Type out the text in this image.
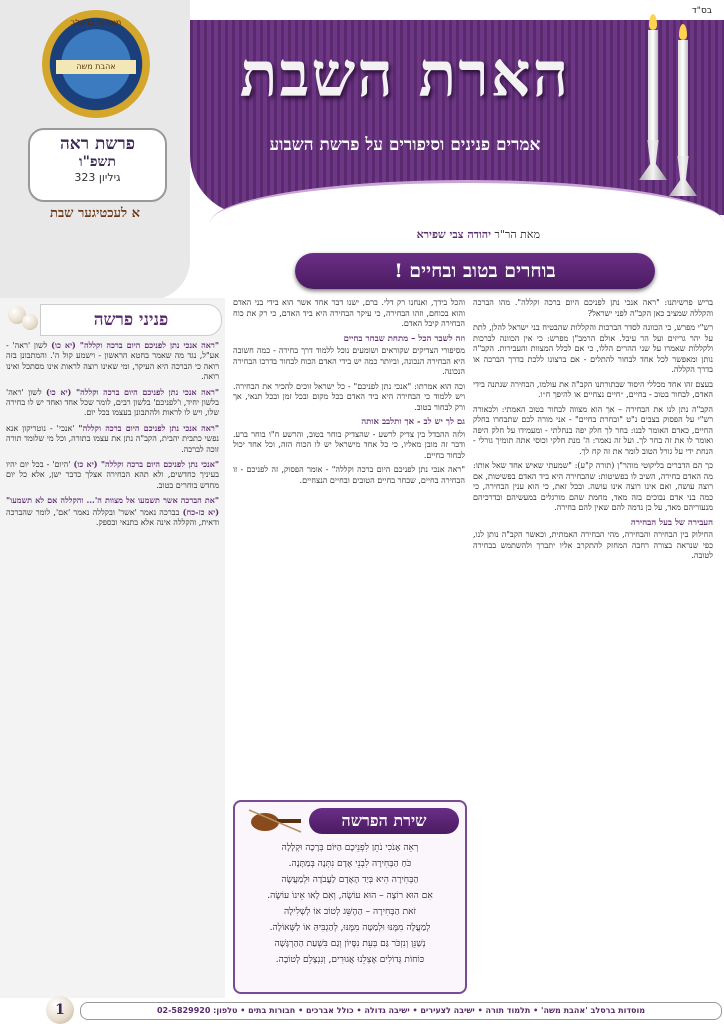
בס"ד
הארת השבת
אמרים פנינים וסיפורים על פרשת השבוע
מוסדות ברסלב
אהבת משה
פרשת ראה
תשפ"ו
גיליון 323
א לעכטיגער שבת
מאת הר"ר יהודה צבי שפירא
בוחרים בטוב ובחיים !

בריש פרשיתנו: "ראה אנכי נתן לפניכם היום ברכה וקללה". מהו הברכה והקללה שמציב כאן הקב"ה לפני ישראל?

רש"י מפרש, כי הכוונה לסדר הברכות והקללות שהבטיח בני ישראל להלן, לתת על יהר גריזים ועל הר עיבל. אולם הרמב"ן מפרש: כי אין הכוונה לברכות ולקללות שאמרו על שני ההרים הללו, כי אם לכלל המצוות והעבירות. הקב"ה נותן ומאפשר לכל אחד לבחור להתלים - אם ברצונו ללכת בדרך הברכה או בדרך הקללה.

בעצם זהו אחד מכללי היסוד שבתורתנו הקב"ה את עולמו, הבחירה שנתנה בידי האדם, לבחור בטוב - בחיים, ״חיים נצחיים או להיפך ח״ו.

הקב"ה נתן לנו את הבחירה – אך הוא מצווה לבחור בטוב האמתי: ולכאורה רש"י על הפסוק בצבים נ"ט "ובחרת בחיים" - אני מורה לכם שתבחרו בחלק החיים, כאדם האומר לבנו: בחר לך חלק יפה בנחלתי - ומעמידו על חלק היפה ואומר לו את זה בחר לך. ועל זה נאמר: ה' מנת חלקי וכוסי אתה תומיך גורלי - הנחת ידי על גורל הטוב לומר את זה קח לך.

כך הם הדברים בליקוטי מוהר"ן (תורה ק"ע): "שמעתי שאיש אחד שאל אותו: מה האדם בחירה, השיב לו בפשיטות: שהבחירה היא ביד האדם בפשיטות, אם רוצה עושה, ואם אינו רוצה אינו עושה. ובכל זאת, כי הוא ענין הבחירה, כי כמה בני אדם נבוכים בזה מאד, מחמת שהם מורגלים במעשיהם ובדרכיהם מנעוריהם מאד, על כן נדמה להם שאין להם בחירה.

העבירה של בעל הבחירה

החילוק בין הבחירה והבחירה, מהי הבחירה האמתית, וכאשר הקב"ה נותן לנו, כפי שנראה בצורה רחבה המחזק להתקרב אליו יתברך ולהשתמש בבחירה לטובה.

והכל בידך, ואנחנו רק דלי. ברם, ישנו דבר אחד אשר הוא בידי בני האדם והוא בכוחם, וזהו הבחירה, כי עיקר הבחירה היא ביד האדם, כי רק את כוח הבחירה קיבל האדם.

וזה לשבר הכל – מתחת שבחר בחיים

מסיפורי הצדיקים שקוראים ושומעים נוכל ללמוד דרך בחירה - כמה חשובה היא הבחירה הנכונה, וביותר כמה יש בידי האדם הכוח לבחור בדרכו הבחירה הנכונה.

וכה הוא אמרתו: "אנכי נתן לפניכם" - כל ישראל זוכים להכיר את הבחירה. ויש ללמוד כי הבחירה היא ביד האדם בכל מקום ובכל זמן ובכל תנאי, אך ורק לבחור בטוב.

גם לך יש לב - אך ותלבב אותה

ולזה ההבדל בין צדיק לרשע - שהצדיק בוחר בטוב, והרשע ח"ו בוחר ברע. ודבר זה מובן מאליו, כי כל אחד מישראל יש לו הכוח הזה, וכל אחד יכול לבחור בחיים.

"ראה אנכי נתן לפניכם היום ברכה וקללה" - אומר הפסוק, זה לפניכם - זו הבחירה בחיים, שבחר בחיים הטובים ובחיים הנצחיים.

פניני פרשה

"ראה אנכי נתן לפניכם היום ברכה וקללה" (יא כו) לשון 'ראה' - אע"ל, נגד מה שאמר בחטא הראשון - וישמע קול ה'. והמתבונן בזה רואה כי הברכה היא העיקר, ומי שאינו רוצה לראות אינו מסתכל ואינו רואה.

"ראה אנכי נתן לפניכם היום ברכה וקללה" (יא כו) לשון 'ראה' בלשון יחיד, ו'לפניכם' בלשון רבים, לומר שכל אחד ואחד יש לו בחירה שלו, ויש לו לראות ולהתבונן בעצמו בכל יום.

"ראה אנכי נתן לפניכם היום ברכה וקללה" 'אנכי' - נוטריקון אנא נפשי כתבית יהבית, הקב"ה נתן את עצמו בתורה, וכל מי שלומד תורה זוכה לברכה.

"אנכי נתן לפניכם היום ברכה וקללה" (יא כו) 'היום' - בכל יום יהיו בעיניך כחדשים, ולא תהא הבחירה אצלך כדבר ישן, אלא כל יום מחדש בוחרים בטוב.

"את הברכה אשר תשמעו אל מצוות ה'... והקללה אם לא תשמעו" (יא כז-כח) בברכה נאמר 'אשר' ובקללה נאמר 'אם', לומר שהברכה ודאית, והקללה אינה אלא בתנאי ובספק.

שירת הפרשה

רְאֵה אָנֹכִי נֹתֵן לִפְנֵיכֶם הַיּוֹם בְּרָכָה וּקְלָלָה

כֹּחַ הַבְּחִירָה לִבְנֵי אָדָם נִתְּנָה בְּמַתָּנָה.

הַבְּחִירָה הִיא בְּיַד הָאָדָם לַעֲבֹדָה וּלְמַעֲשֶׂה

אִם הוּא רוֹצֶה – הוּא עוֹשֶׂה, וְאִם לָאו אֵינוֹ עוֹשֶׂה.

זֹאת הַבְּחִירָה – הַהֶשֵּׁג לְטוֹב אוֹ לְשְׁלִילָה

לְמַעֲלָה מִמֶּנּוּ וּלְמַטָּה מִמֶּנּוּ, לְהַגְבִּיהַּ אוֹ לַשְּׁאוֹלָה.

נְשַׁנֵּן וְנִזְכֹּר גַּם בְּעֵת נִסָּיוֹן וְגַם בִּשְׁעַת הַהַרְגָּשָׁה

כּוֹחוֹת גְּדוֹלִים אֶצְלֵנוּ אֲגוּרִים, וְנִנְצָלֵם לְטוֹבָה.

1	מוסדות ברסלב 'אהבת משה' • תלמוד תורה • ישיבה לצעירים • ישיבה גדולה • כולל אברכים • חבורות בתים • טלפון: 02-5829920
